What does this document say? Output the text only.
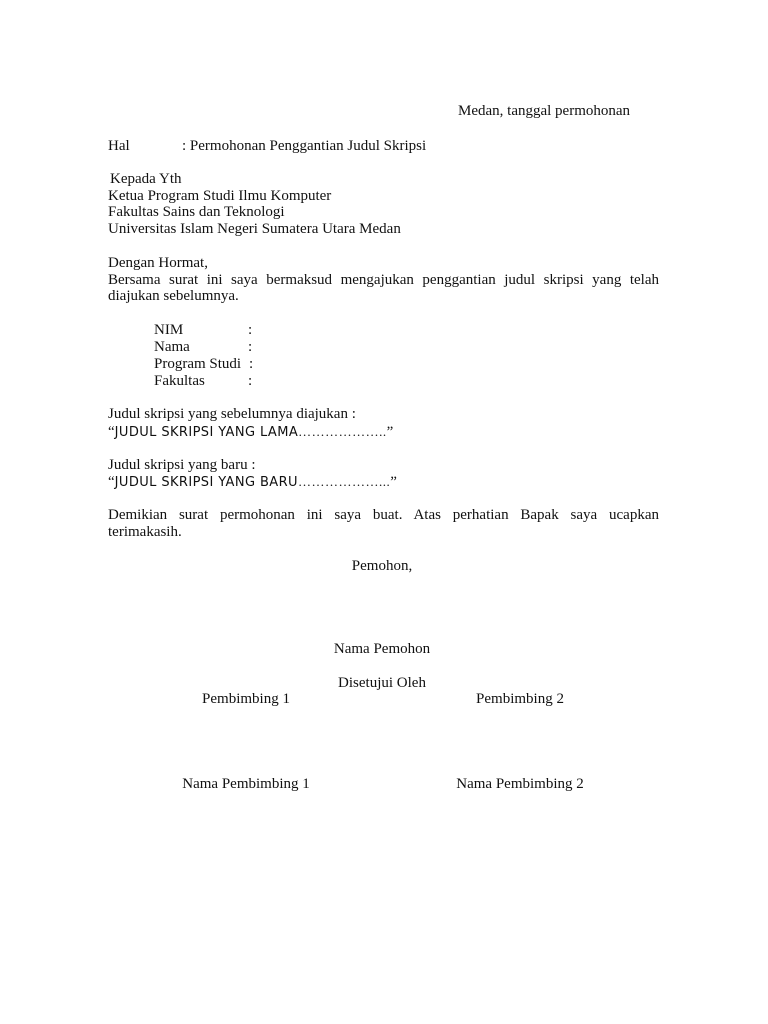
Medan, tanggal permohonan
Hal	: Permohonan Penggantian Judul Skripsi
Kepada Yth
Ketua Program Studi Ilmu Komputer
Fakultas Sains dan Teknologi
Universitas Islam Negeri Sumatera Utara Medan
Dengan Hormat,
Bersama surat ini saya bermaksud mengajukan penggantian judul skripsi yang telah
diajukan sebelumnya.
NIM	:
Nama	:
Program Studi :
Fakultas	:
Judul skripsi yang sebelumnya diajukan :
“JUDUL SKRIPSI YANG LAMA………………..”
Judul skripsi yang baru :
“JUDUL SKRIPSI YANG BARU………………...”
Demikian surat permohonan ini saya buat. Atas perhatian Bapak saya ucapkan
terimakasih.
Pemohon,
Nama Pemohon
Disetujui Oleh
Pembimbing 1	Pembimbing 2
Nama Pembimbing 1	Nama Pembimbing 2
